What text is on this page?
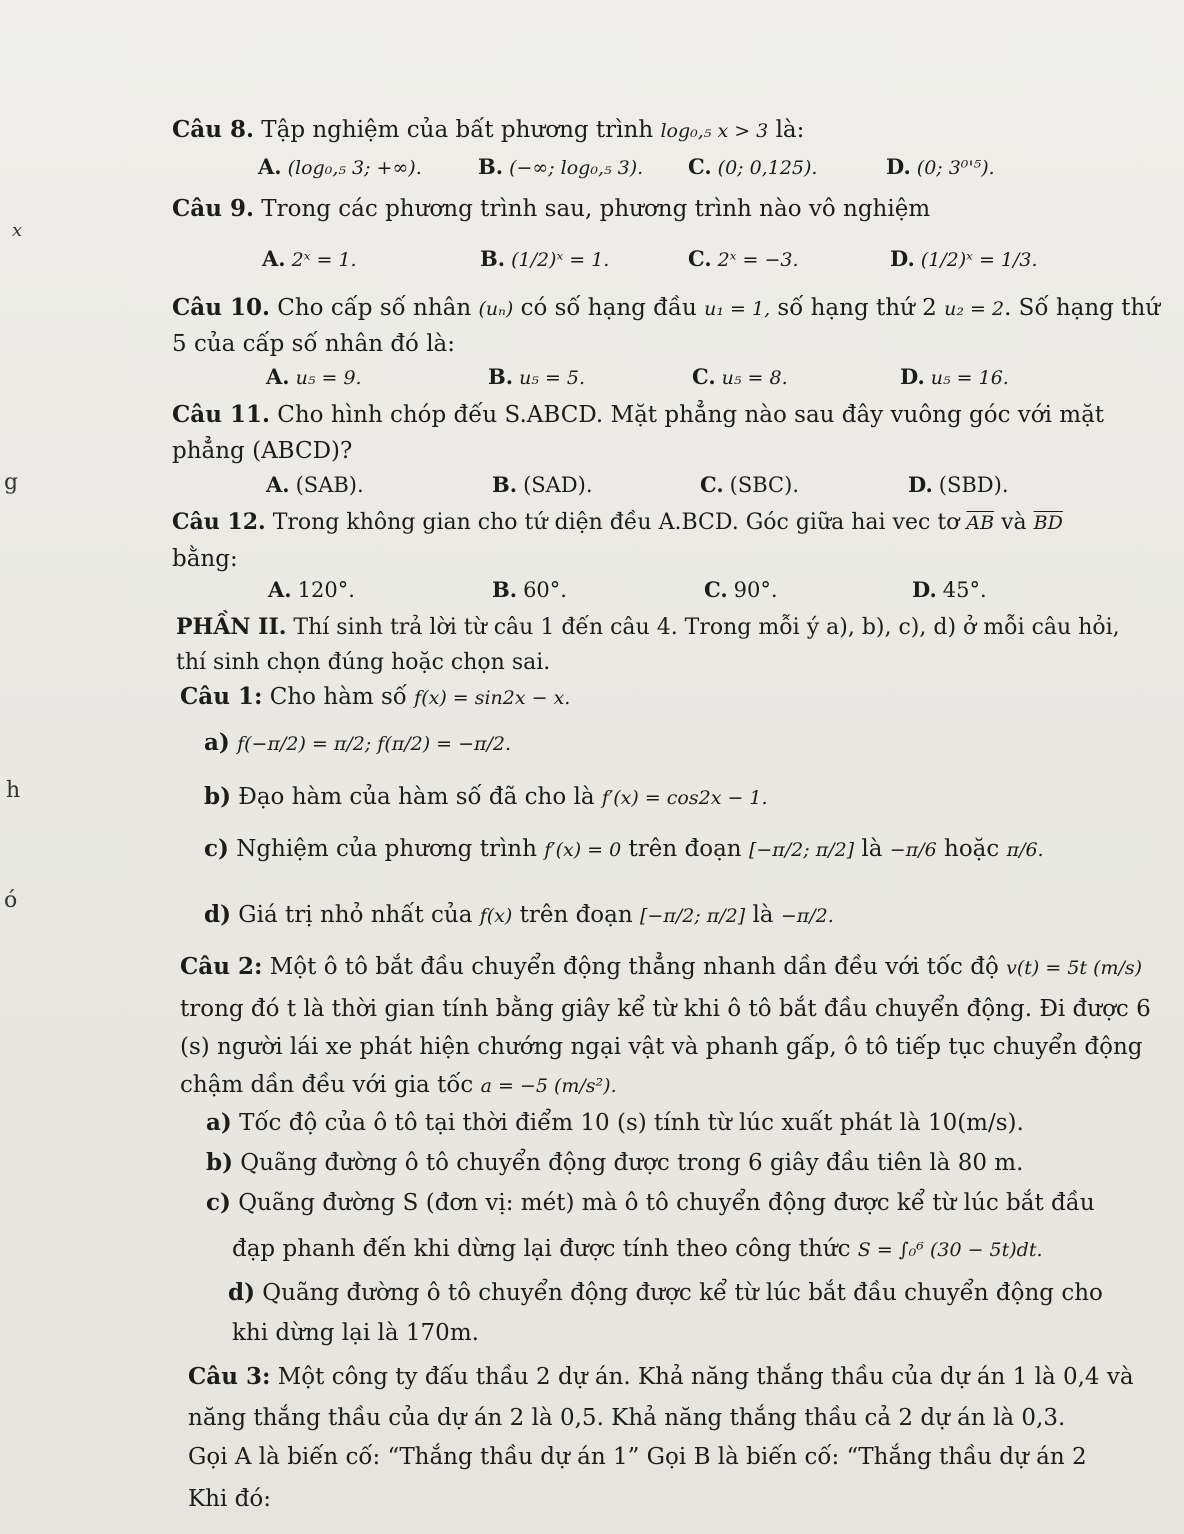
x
g
h
ó
Câu 8. Tập nghiệm của bất phương trình log₀,₅ x > 3 là:
A. (log₀,₅ 3; +∞).	B. (−∞; log₀,₅ 3). C. (0; 0,125).	D. (0; 3⁰'⁵).
Câu 9. Trong các phương trình sau, phương trình nào vô nghiệm
A. 2ˣ = 1.	B. (1/2)ˣ = 1.	C. 2ˣ = −3.	D. (1/2)ˣ = 1/3.
Câu 10. Cho cấp số nhân (uₙ) có số hạng đầu u₁ = 1, số hạng thứ 2 u₂ = 2. Số hạng thứ
5 của cấp số nhân đó là:
A. u₅ = 9.	B. u₅ = 5.	C. u₅ = 8.	D. u₅ = 16.
Câu 11. Cho hình chóp đếu S.ABCD. Mặt phẳng nào sau đây vuông góc với mặt
phẳng (ABCD)?
A. (SAB).	B. (SAD).	C. (SBC).	D. (SBD).
Câu 12. Trong không gian cho tứ diện đều A.BCD. Góc giữa hai vec tơ $\overline{AB}$ và $\overline{BD}$
bằng:
A. 120°.	B. 60°.	C. 90°.	D. 45°.
PHẦN II. Thí sinh trả lời từ câu 1 đến câu 4. Trong mỗi ý a), b), c), d) ở mỗi câu hỏi,
thí sinh chọn đúng hoặc chọn sai.
Câu 1: Cho hàm số f(x) = sin2x − x.
a) f(−π/2) = π/2; f(π/2) = −π/2.
b) Đạo hàm của hàm số đã cho là f′(x) = cos2x − 1.
c) Nghiệm của phương trình f′(x) = 0 trên đoạn [−π/2; π/2] là −π/6 hoặc π/6.
d) Giá trị nhỏ nhất của f(x) trên đoạn [−π/2; π/2] là −π/2.
Câu 2: Một ô tô bắt đầu chuyển động thẳng nhanh dần đều với tốc độ v(t) = 5t (m/s)
trong đó t là thời gian tính bằng giây kể từ khi ô tô bắt đầu chuyển động. Đi được 6
(s) người lái xe phát hiện chướng ngại vật và phanh gấp, ô tô tiếp tục chuyển động
chậm dần đều với gia tốc a = −5 (m/s²).
a) Tốc độ của ô tô tại thời điểm 10 (s) tính từ lúc xuất phát là 10(m/s).
b) Quãng đường ô tô chuyển động được trong 6 giây đầu tiên là 80 m.
c) Quãng đường S (đơn vị: mét) mà ô tô chuyển động được kể từ lúc bắt đầu
đạp phanh đến khi dừng lại được tính theo công thức S = ∫₀⁶ (30 − 5t)dt.
d) Quãng đường ô tô chuyển động được kể từ lúc bắt đầu chuyển động cho
khi dừng lại là 170m.
Câu 3: Một công ty đấu thầu 2 dự án. Khả năng thắng thầu của dự án 1 là 0,4 và
năng thắng thầu của dự án 2 là 0,5. Khả năng thắng thầu cả 2 dự án là 0,3.
Gọi A là biến cố: “Thắng thầu dự án 1” Gọi B là biến cố: “Thắng thầu dự án 2
Khi đó:
